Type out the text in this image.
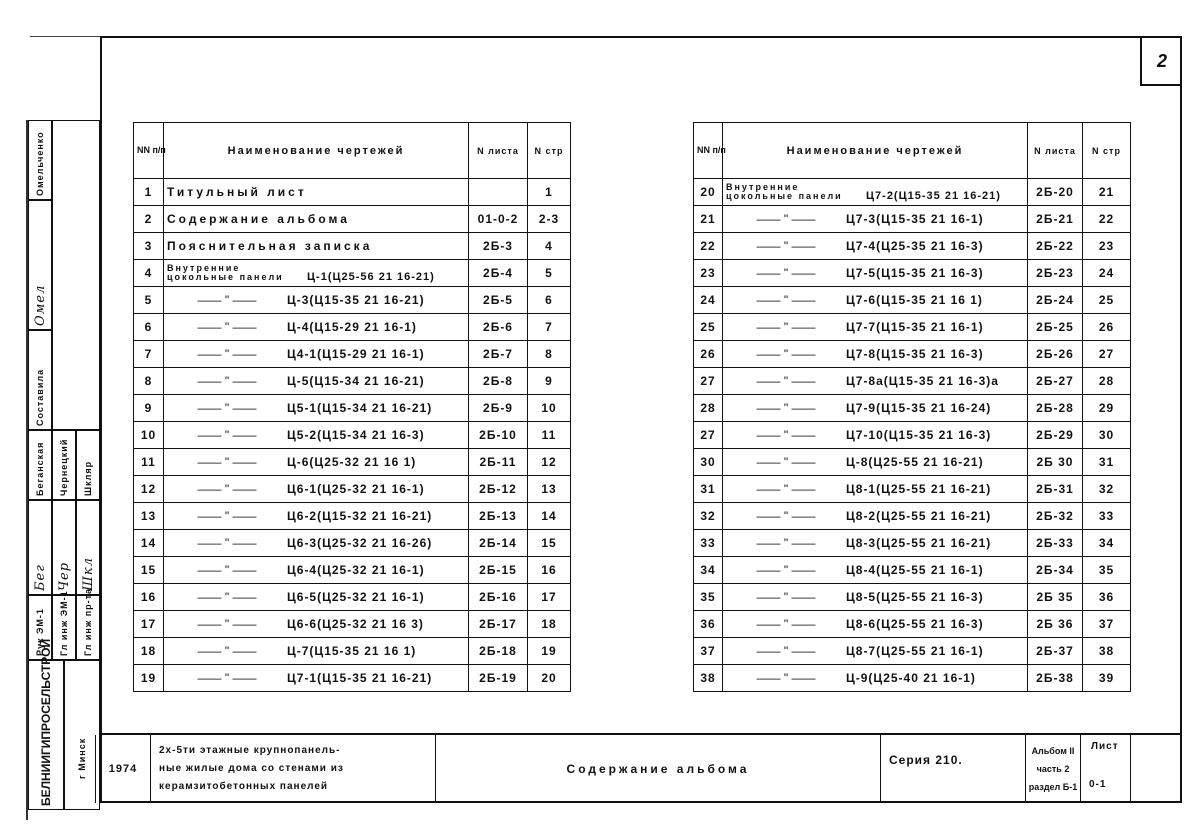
2
NN п/п	Наименование чертежей	N листа	N стр
1	Титульный лист		1
2	Содержание альбома	01-0-2	2-3
3	Пояснительная записка	2Б-3	4
4	Внутренние цокольные панели Ц-1(Ц25-56 21 16-21)	2Б-4	5
5	—— " —— Ц-3(Ц15-35 21 16-21)	2Б-5	6
6	—— " —— Ц-4(Ц15-29 21 16-1)	2Б-6	7
7	—— " —— Ц4-1(Ц15-29 21 16-1)	2Б-7	8
8	—— " —— Ц-5(Ц15-34 21 16-21)	2Б-8	9
9	—— " —— Ц5-1(Ц15-34 21 16-21)	2Б-9	10
10	—— " —— Ц5-2(Ц15-34 21 16-3)	2Б-10	11
11	—— " —— Ц-6(Ц25-32 21 16 1)	2Б-11	12
12	—— " —— Ц6-1(Ц25-32 21 16-1)	2Б-12	13
13	—— " —— Ц6-2(Ц15-32 21 16-21)	2Б-13	14
14	—— " —— Ц6-3(Ц25-32 21 16-26)	2Б-14	15
15	—— " —— Ц6-4(Ц25-32 21 16-1)	2Б-15	16
16	—— " —— Ц6-5(Ц25-32 21 16-1)	2Б-16	17
17	—— " —— Ц6-6(Ц25-32 21 16 3)	2Б-17	18
18	—— " —— Ц-7(Ц15-35 21 16 1)	2Б-18	19
19	—— " —— Ц7-1(Ц15-35 21 16-21)	2Б-19	20
NN п/п	Наименование чертежей	N листа	N стр
20	Внутренние цокольные панели Ц7-2(Ц15-35 21 16-21)	2Б-20	21
21	—— " —— Ц7-3(Ц15-35 21 16-1)	2Б-21	22
22	—— " —— Ц7-4(Ц25-35 21 16-3)	2Б-22	23
23	—— " —— Ц7-5(Ц15-35 21 16-3)	2Б-23	24
24	—— " —— Ц7-6(Ц15-35 21 16 1)	2Б-24	25
25	—— " —— Ц7-7(Ц15-35 21 16-1)	2Б-25	26
26	—— " —— Ц7-8(Ц15-35 21 16-3)	2Б-26	27
27	—— " —— Ц7-8а(Ц15-35 21 16-3)а	2Б-27	28
28	—— " —— Ц7-9(Ц15-35 21 16-24)	2Б-28	29
27	—— " —— Ц7-10(Ц15-35 21 16-3)	2Б-29	30
30	—— " —— Ц-8(Ц25-55 21 16-21)	2Б 30	31
31	—— " —— Ц8-1(Ц25-55 21 16-21)	2Б-31	32
32	—— " —— Ц8-2(Ц25-55 21 16-21)	2Б-32	33
33	—— " —— Ц8-3(Ц25-55 21 16-21)	2Б-33	34
34	—— " —— Ц8-4(Ц25-55 21 16-1)	2Б-34	35
35	—— " —— Ц8-5(Ц25-55 21 16-3)	2Б 35	36
36	—— " —— Ц8-6(Ц25-55 21 16-3)	2Б 36	37
37	—— " —— Ц8-7(Ц25-55 21 16-1)	2Б-37	38
38	—— " —— Ц-9(Ц25-40 21 16-1)	2Б-38	39
1974
2х-5ти этажные крупнопанель-
ные жилые дома со стенами из
керамзитобетонных панелей
Содержание альбома
Серия 210.
Альбом II
часть 2
раздел Б-1
Лист
0-1
БЕЛНИИГИПРОСЕЛЬСТРОЙ	г Минск
Рук ЭМ-1	Гл инж ЭМ-1	Гл инж пр-та
Бег Чер Шкл
Беганская	Чернецкий	Шкляр
Составила
Омел
Омельченко
